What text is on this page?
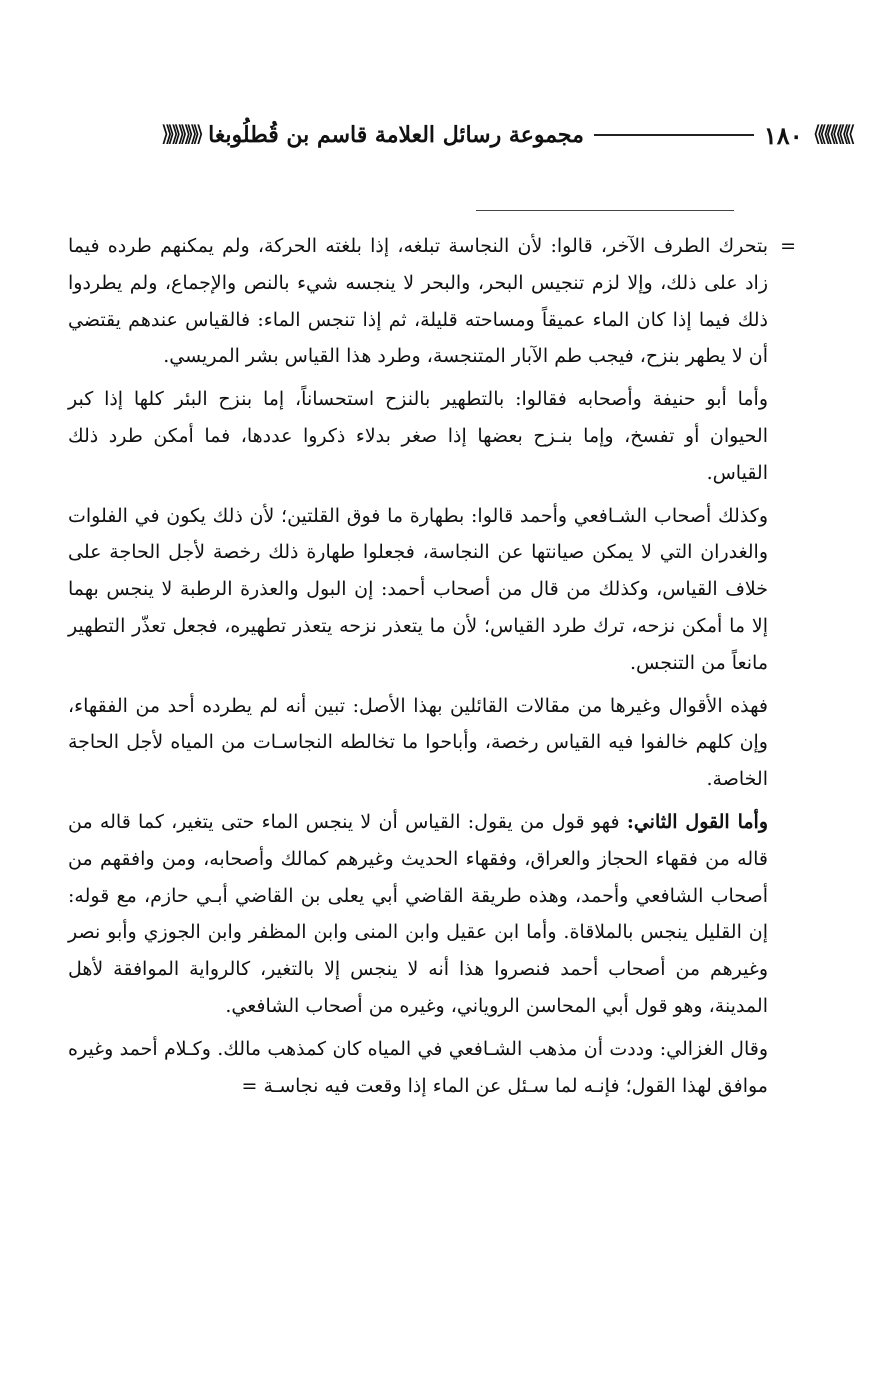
⟫⟫⟫⟫⟫⟫
١٨٠
مجموعة رسائل العلامة قاسم بن قُطلُوبغا
⟪⟪⟪⟪⟪⟪

=
بتحرك الطرف الآخر، قالوا: لأن النجاسة تبلغه، إذا بلغته الحركة، ولم يمكنهم طرده فيما زاد على ذلك، وإلا لزم تنجيس البحر، والبحر لا ينجسه شيء بالنص والإجماع، ولم يطردوا ذلك فيما إذا كان الماء عميقاً ومساحته قليلة، ثم إذا تنجس الماء: فالقياس عندهم يقتضي أن لا يطهر بنزح، فيجب طم الآبار المتنجسة، وطرد هذا القياس بشر المريسي.

وأما أبو حنيفة وأصحابه فقالوا: بالتطهير بالنزح استحساناً، إما بنزح البئر كلها إذا كبر الحيوان أو تفسخ، وإما بنـزح بعضها إذا صغر بدلاء ذكروا عددها، فما أمكن طرد ذلك القياس.

وكذلك أصحاب الشـافعي وأحمد قالوا: بطهارة ما فوق القلتين؛ لأن ذلك يكون في الفلوات والغدران التي لا يمكن صيانتها عن النجاسة، فجعلوا طهارة ذلك رخصة لأجل الحاجة على خلاف القياس، وكذلك من قال من أصحاب أحمد: إن البول والعذرة الرطبة لا ينجس بهما إلا ما أمكن نزحه، ترك طرد القياس؛ لأن ما يتعذر نزحه يتعذر تطهيره، فجعل تعذّر التطهير مانعاً من التنجس.

فهذه الأقوال وغيرها من مقالات القائلين بهذا الأصل: تبين أنه لم يطرده أحد من الفقهاء، وإن كلهم خالفوا فيه القياس رخصة، وأباحوا ما تخالطه النجاسـات من المياه لأجل الحاجة الخاصة.

وأما القول الثاني: فهو قول من يقول: القياس أن لا ينجس الماء حتى يتغير، كما قاله من قاله من فقهاء الحجاز والعراق، وفقهاء الحديث وغيرهم كمالك وأصحابه، ومن وافقهم من أصحاب الشافعي وأحمد، وهذه طريقة القاضي أبي يعلى بن القاضي أبـي حازم، مع قوله: إن القليل ينجس بالملاقاة. وأما ابن عقيل وابن المنى وابن المظفر وابن الجوزي وأبو نصر وغيرهم من أصحاب أحمد فنصروا هذا أنه لا ينجس إلا بالتغير، كالرواية الموافقة لأهل المدينة، وهو قول أبي المحاسن الروياني، وغيره من أصحاب الشافعي.

وقال الغزالي: وددت أن مذهب الشـافعي في المياه كان كمذهب مالك. وكـلام أحمد وغيره موافق لهذا القول؛ فإنـه لما سـئل عن الماء إذا وقعت فيه نجاسـة =
